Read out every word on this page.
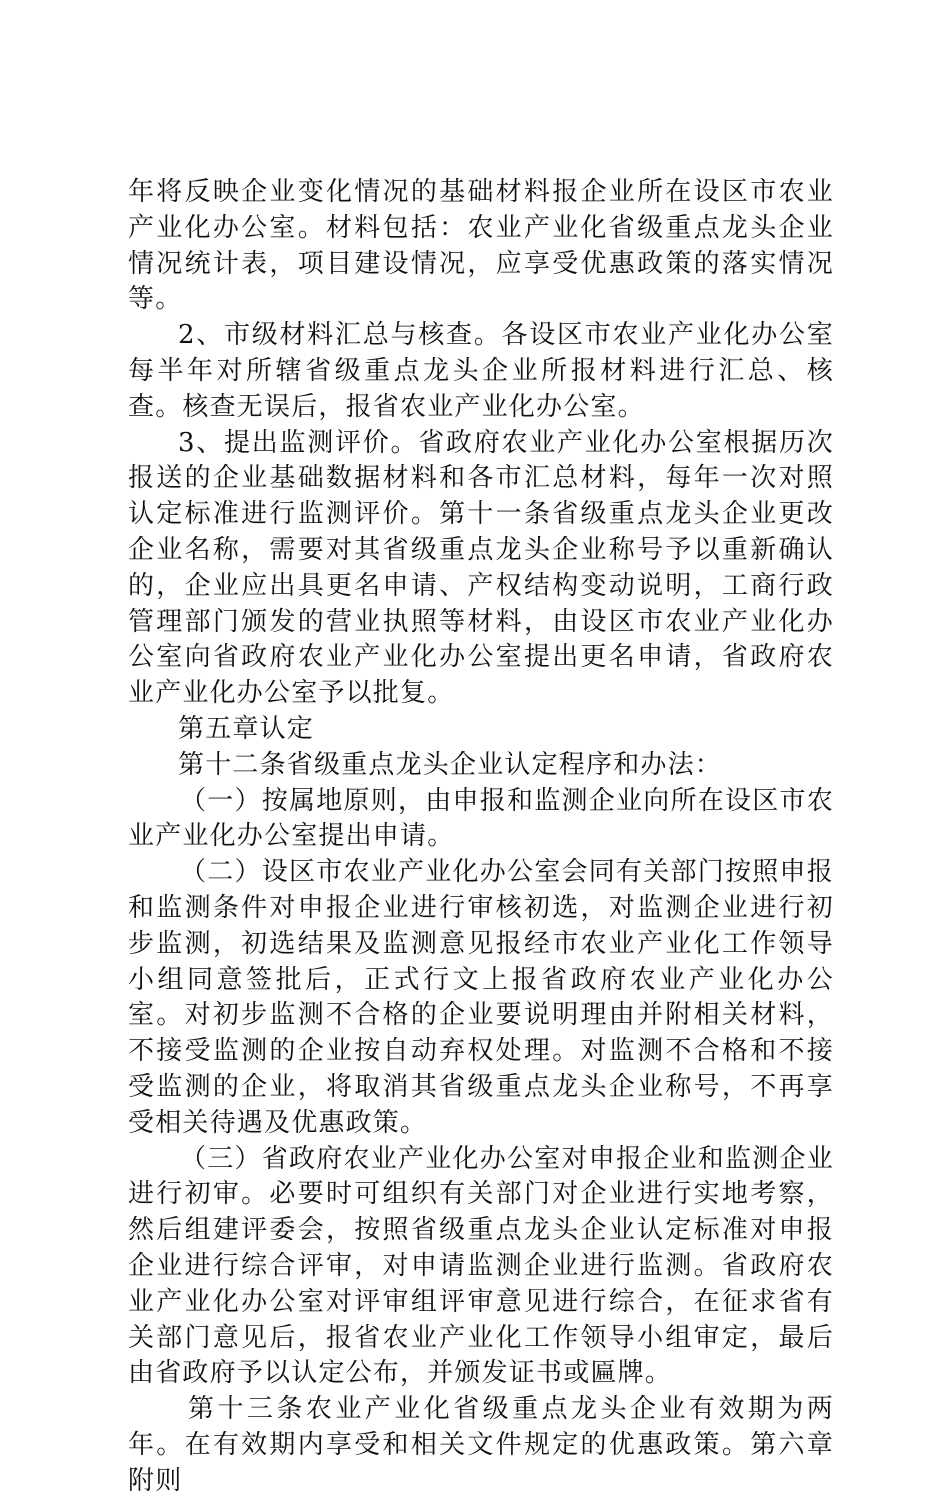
年将反映企业变化情况的基础材料报企业所在设区市农业产业化办公室。材料包括：农业产业化省级重点龙头企业情况统计表，项目建设情况，应享受优惠政策的落实情况等。

2、市级材料汇总与核查。各设区市农业产业化办公室每半年对所辖省级重点龙头企业所报材料进行汇总、核查。核查无误后，报省农业产业化办公室。

3、提出监测评价。省政府农业产业化办公室根据历次报送的企业基础数据材料和各市汇总材料，每年一次对照认定标准进行监测评价。第十一条省级重点龙头企业更改企业名称，需要对其省级重点龙头企业称号予以重新确认的，企业应出具更名申请、产权结构变动说明，工商行政管理部门颁发的营业执照等材料，由设区市农业产业化办公室向省政府农业产业化办公室提出更名申请，省政府农业产业化办公室予以批复。

第五章认定

第十二条省级重点龙头企业认定程序和办法：

（一）按属地原则，由申报和监测企业向所在设区市农业产业化办公室提出申请。

（二）设区市农业产业化办公室会同有关部门按照申报和监测条件对申报企业进行审核初选，对监测企业进行初步监测，初选结果及监测意见报经市农业产业化工作领导小组同意签批后，正式行文上报省政府农业产业化办公室。对初步监测不合格的企业要说明理由并附相关材料，不接受监测的企业按自动弃权处理。对监测不合格和不接受监测的企业，将取消其省级重点龙头企业称号，不再享受相关待遇及优惠政策。

（三）省政府农业产业化办公室对申报企业和监测企业进行初审。必要时可组织有关部门对企业进行实地考察，然后组建评委会，按照省级重点龙头企业认定标准对申报企业进行综合评审，对申请监测企业进行监测。省政府农业产业化办公室对评审组评审意见进行综合，在征求省有关部门意见后，报省农业产业化工作领导小组审定，最后由省政府予以认定公布，并颁发证书或匾牌。

第十三条农业产业化省级重点龙头企业有效期为两年。在有效期内享受和相关文件规定的优惠政策。第六章附则
